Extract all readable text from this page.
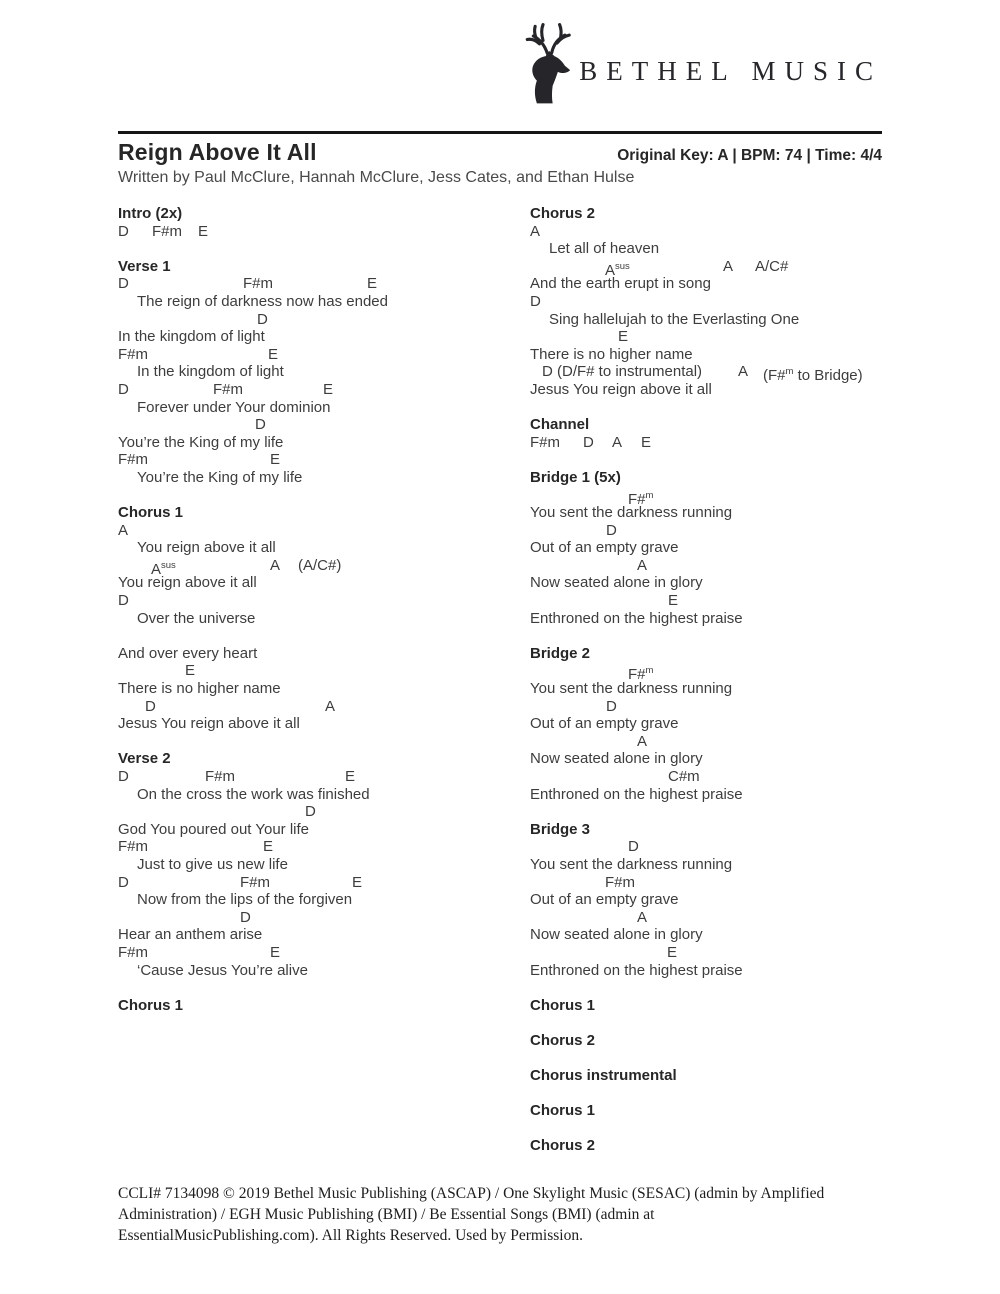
BETHEL MUSIC
Reign Above It All	Original Key: A | BPM: 74 | Time: 4/4
Written by Paul McClure, Hannah McClure, Jess Cates, and Ethan Hulse
Intro (2x)
D F#m E
Verse 1
D	F#m	E
The reign of darkness now has ended
D
In the kingdom of light
F#m	E
In the kingdom of light
D	F#m	E
Forever under Your dominion
D
You’re the King of my life
F#m	E
You’re the King of my life
Chorus 1
A
You reign above it all
$A^{sus}$	A (A/C#)
You reign above it all
D
Over the universe
And over every heart
E
There is no higher name
D	A
Jesus You reign above it all
Verse 2
D	F#m	E
On the cross the work was finished
D
God You poured out Your life
F#m	E
Just to give us new life
D	F#m	E
Now from the lips of the forgiven
D
Hear an anthem arise
F#m	E
‘Cause Jesus You’re alive
Chorus 1
Chorus 2
A
Let all of heaven
$A^{sus}$	A A/C#
And the earth erupt in song
D
Sing hallelujah to the Everlasting One
E
There is no higher name
D (D/F# to instrumental) A (F#$^m$ to Bridge)
Jesus You reign above it all
Channel
F#m D A E
Bridge 1 (5x)
F#$^m$
You sent the darkness running
D
Out of an empty grave
A
Now seated alone in glory
E
Enthroned on the highest praise
Bridge 2
F#$^m$
You sent the darkness running
D
Out of an empty grave
A
Now seated alone in glory
C#m
Enthroned on the highest praise
Bridge 3
D
You sent the darkness running
F#m
Out of an empty grave
A
Now seated alone in glory
E
Enthroned on the highest praise
Chorus 1
Chorus 2
Chorus instrumental
Chorus 1
Chorus 2
CCLI# 7134098 © 2019 Bethel Music Publishing (ASCAP) / One Skylight Music (SESAC) (admin by Amplified
Administration) / EGH Music Publishing (BMI) / Be Essential Songs (BMI) (admin at
EssentialMusicPublishing.com). All Rights Reserved. Used by Permission.
